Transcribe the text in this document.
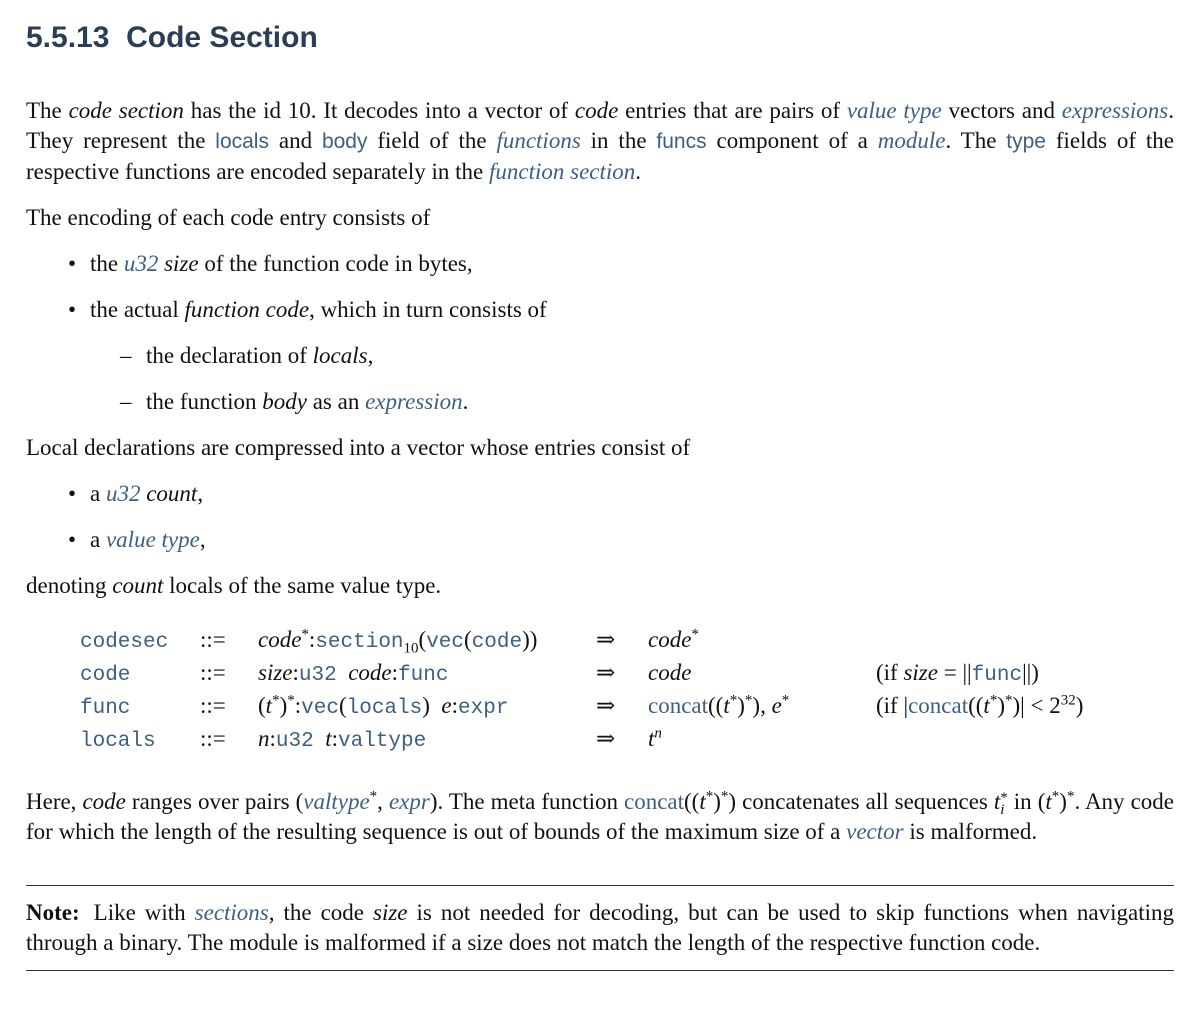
5.5.13 Code Section

The code section has the id 10. It decodes into a vector of code entries that are pairs of value type vectors and expressions. They represent the locals and body field of the functions in the funcs component of a module. The type fields of the respective functions are encoded separately in the function section.

The encoding of each code entry consists of

• the u32 size of the function code in bytes,
• the actual function code, which in turn consists of
– the declaration of locals,
– the function body as an expression.

Local declarations are compressed into a vector whose entries consist of

• a u32 count,
• a value type,

denoting count locals of the same value type.

codesec	::=	code*:section$_{10}$(vec(code))	⇒	code*	
code	::=	size:u32 code:func	⇒	code	(if size = ||func||)
func	::=	(t*)*:vec(locals)  e:expr	⇒	concat((t*)*), e*	(if |concat((t*)*)| < $2^{32}$)
locals	::=	n:u32 t:valtype	⇒	$t^n$	

Here, code ranges over pairs (valtype*, expr). The meta function concat((t*)*) concatenates all sequences t *
i in (t*)*. Any code for which the length of the resulting sequence is out of bounds of the maximum size of a vector is malformed.

Note: Like with sections, the code size is not needed for decoding, but can be used to skip functions when navigating through a binary. The module is malformed if a size does not match the length of the respective function code.
